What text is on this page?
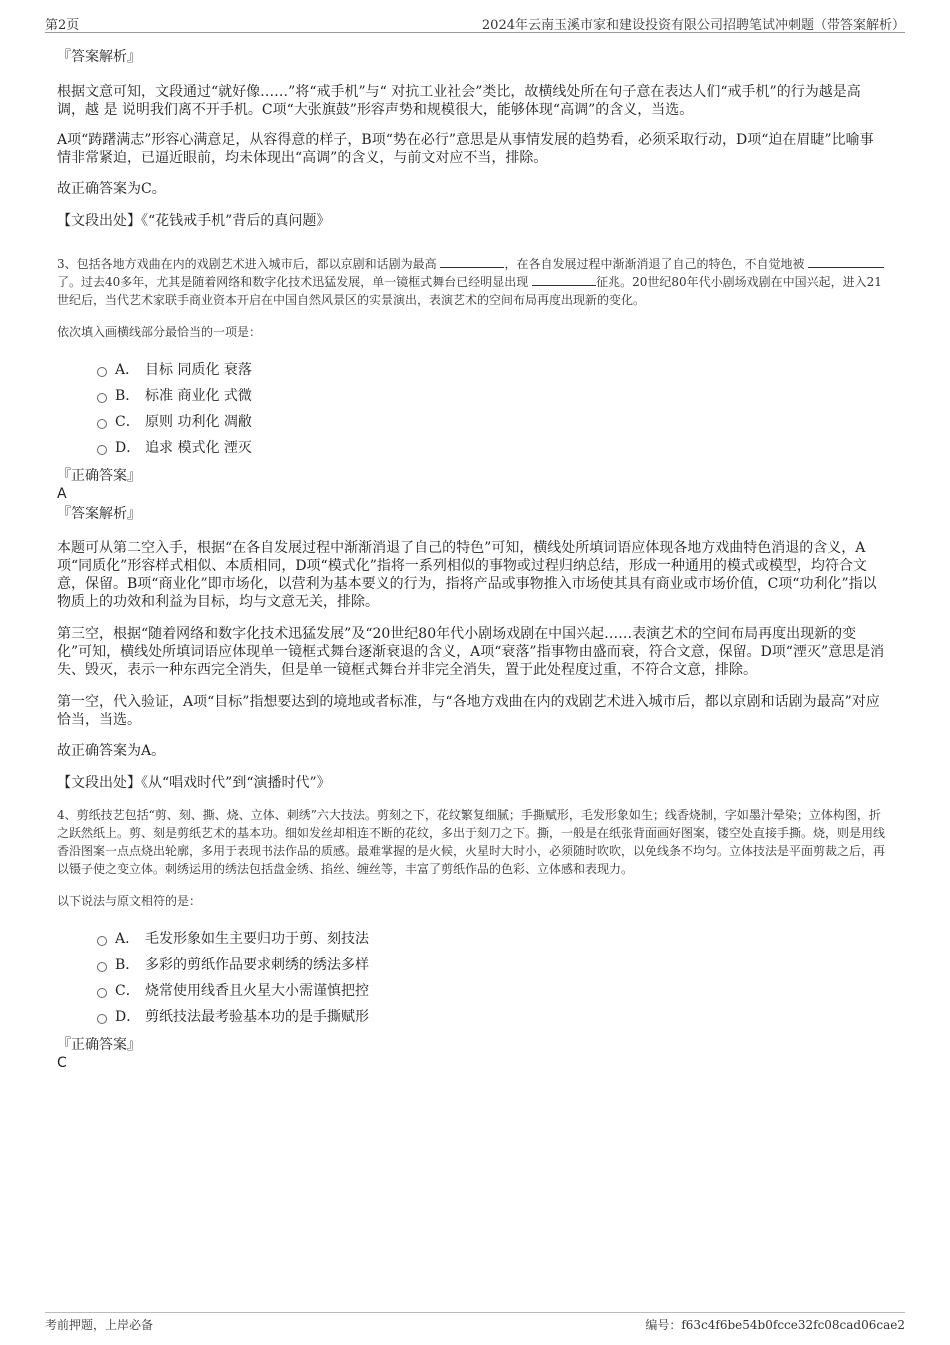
第2页	2024年云南玉溪市家和建设投资有限公司招聘笔试冲刺题（带答案解析）

『答案解析』

根据文意可知，文段通过“就好像……”将“戒手机”与“ 对抗工业社会”类比，故横线处所在句子意在表达人们“戒手机”的行为越是高调，越 是 说明我们离不开手机。C项“大张旗鼓”形容声势和规模很大，能够体现“高调”的含义，当选。

A项“踌躇满志”形容心满意足，从容得意的样子，B项“势在必行”意思是从事情发展的趋势看，必须采取行动，D项“迫在眉睫”比喻事情非常紧迫，已逼近眼前，均未体现出“高调”的含义，与前文对应不当，排除。

故正确答案为C。

【文段出处】《“花钱戒手机”背后的真问题》

3、包括各地方戏曲在内的戏剧艺术进入城市后，都以京剧和话剧为最高	，在各自发展过程中渐渐消退了自己的特色，不自觉地被 了。过去40多年，尤其是随着网络和数字化技术迅猛发展，单一镜框式舞台已经明显出现	征兆。20世纪80年代小剧场戏剧在中国兴起，进入21世纪后，当代艺术家联手商业资本开启在中国自然风景区的实景演出，表演艺术的空间布局再度出现新的变化。

依次填入画横线部分最恰当的一项是：

A． 目标 同质化 衰落
B． 标准 商业化 式微
C． 原则 功利化 凋敝
D． 追求 模式化 湮灭

『正确答案』

A

『答案解析』

本题可从第二空入手，根据“在各自发展过程中渐渐消退了自己的特色”可知，横线处所填词语应体现各地方戏曲特色消退的含义，A项“同质化”形容样式相似、本质相同，D项“模式化”指将一系列相似的事物或过程归纳总结，形成一种通用的模式或模型，均符合文意，保留。B项“商业化”即市场化，以营利为基本要义的行为，指将产品或事物推入市场使其具有商业或市场价值，C项“功利化”指以物质上的功效和利益为目标，均与文意无关，排除。

第三空，根据“随着网络和数字化技术迅猛发展”及“20世纪80年代小剧场戏剧在中国兴起……表演艺术的空间布局再度出现新的变化”可知，横线处所填词语应体现单一镜框式舞台逐渐衰退的含义，A项“衰落”指事物由盛而衰，符合文意，保留。D项“湮灭”意思是消失、毁灭，表示一种东西完全消失，但是单一镜框式舞台并非完全消失，置于此处程度过重，不符合文意，排除。

第一空，代入验证，A项“目标”指想要达到的境地或者标准，与“各地方戏曲在内的戏剧艺术进入城市后，都以京剧和话剧为最高”对应恰当，当选。

故正确答案为A。

【文段出处】《从“唱戏时代”到“演播时代”》

4、剪纸技艺包括“剪、刻、撕、烧、立体、刺绣”六大技法。剪刻之下，花纹繁复细腻；手撕赋形，毛发形象如生；线香烧制，字如墨汁晕染；立体构图，折之跃然纸上。剪、刻是剪纸艺术的基本功。细如发丝却相连不断的花纹，多出于刻刀之下。撕，一般是在纸张背面画好图案，镂空处直接手撕。烧，则是用线香沿图案一点点烧出轮廓，多用于表现书法作品的质感。最难掌握的是火候，火星时大时小，必须随时吹吹，以免线条不均匀。立体技法是平面剪裁之后，再以镊子使之变立体。刺绣运用的绣法包括盘金绣、掐丝、缠丝等，丰富了剪纸作品的色彩、立体感和表现力。

以下说法与原文相符的是：

A． 毛发形象如生主要归功于剪、刻技法
B． 多彩的剪纸作品要求刺绣的绣法多样
C． 烧常使用线香且火星大小需谨慎把控
D． 剪纸技法最考验基本功的是手撕赋形

『正确答案』

C

考前押题，上岸必备	编号：f63c4f6be54b0fcce32fc08cad06cae2
